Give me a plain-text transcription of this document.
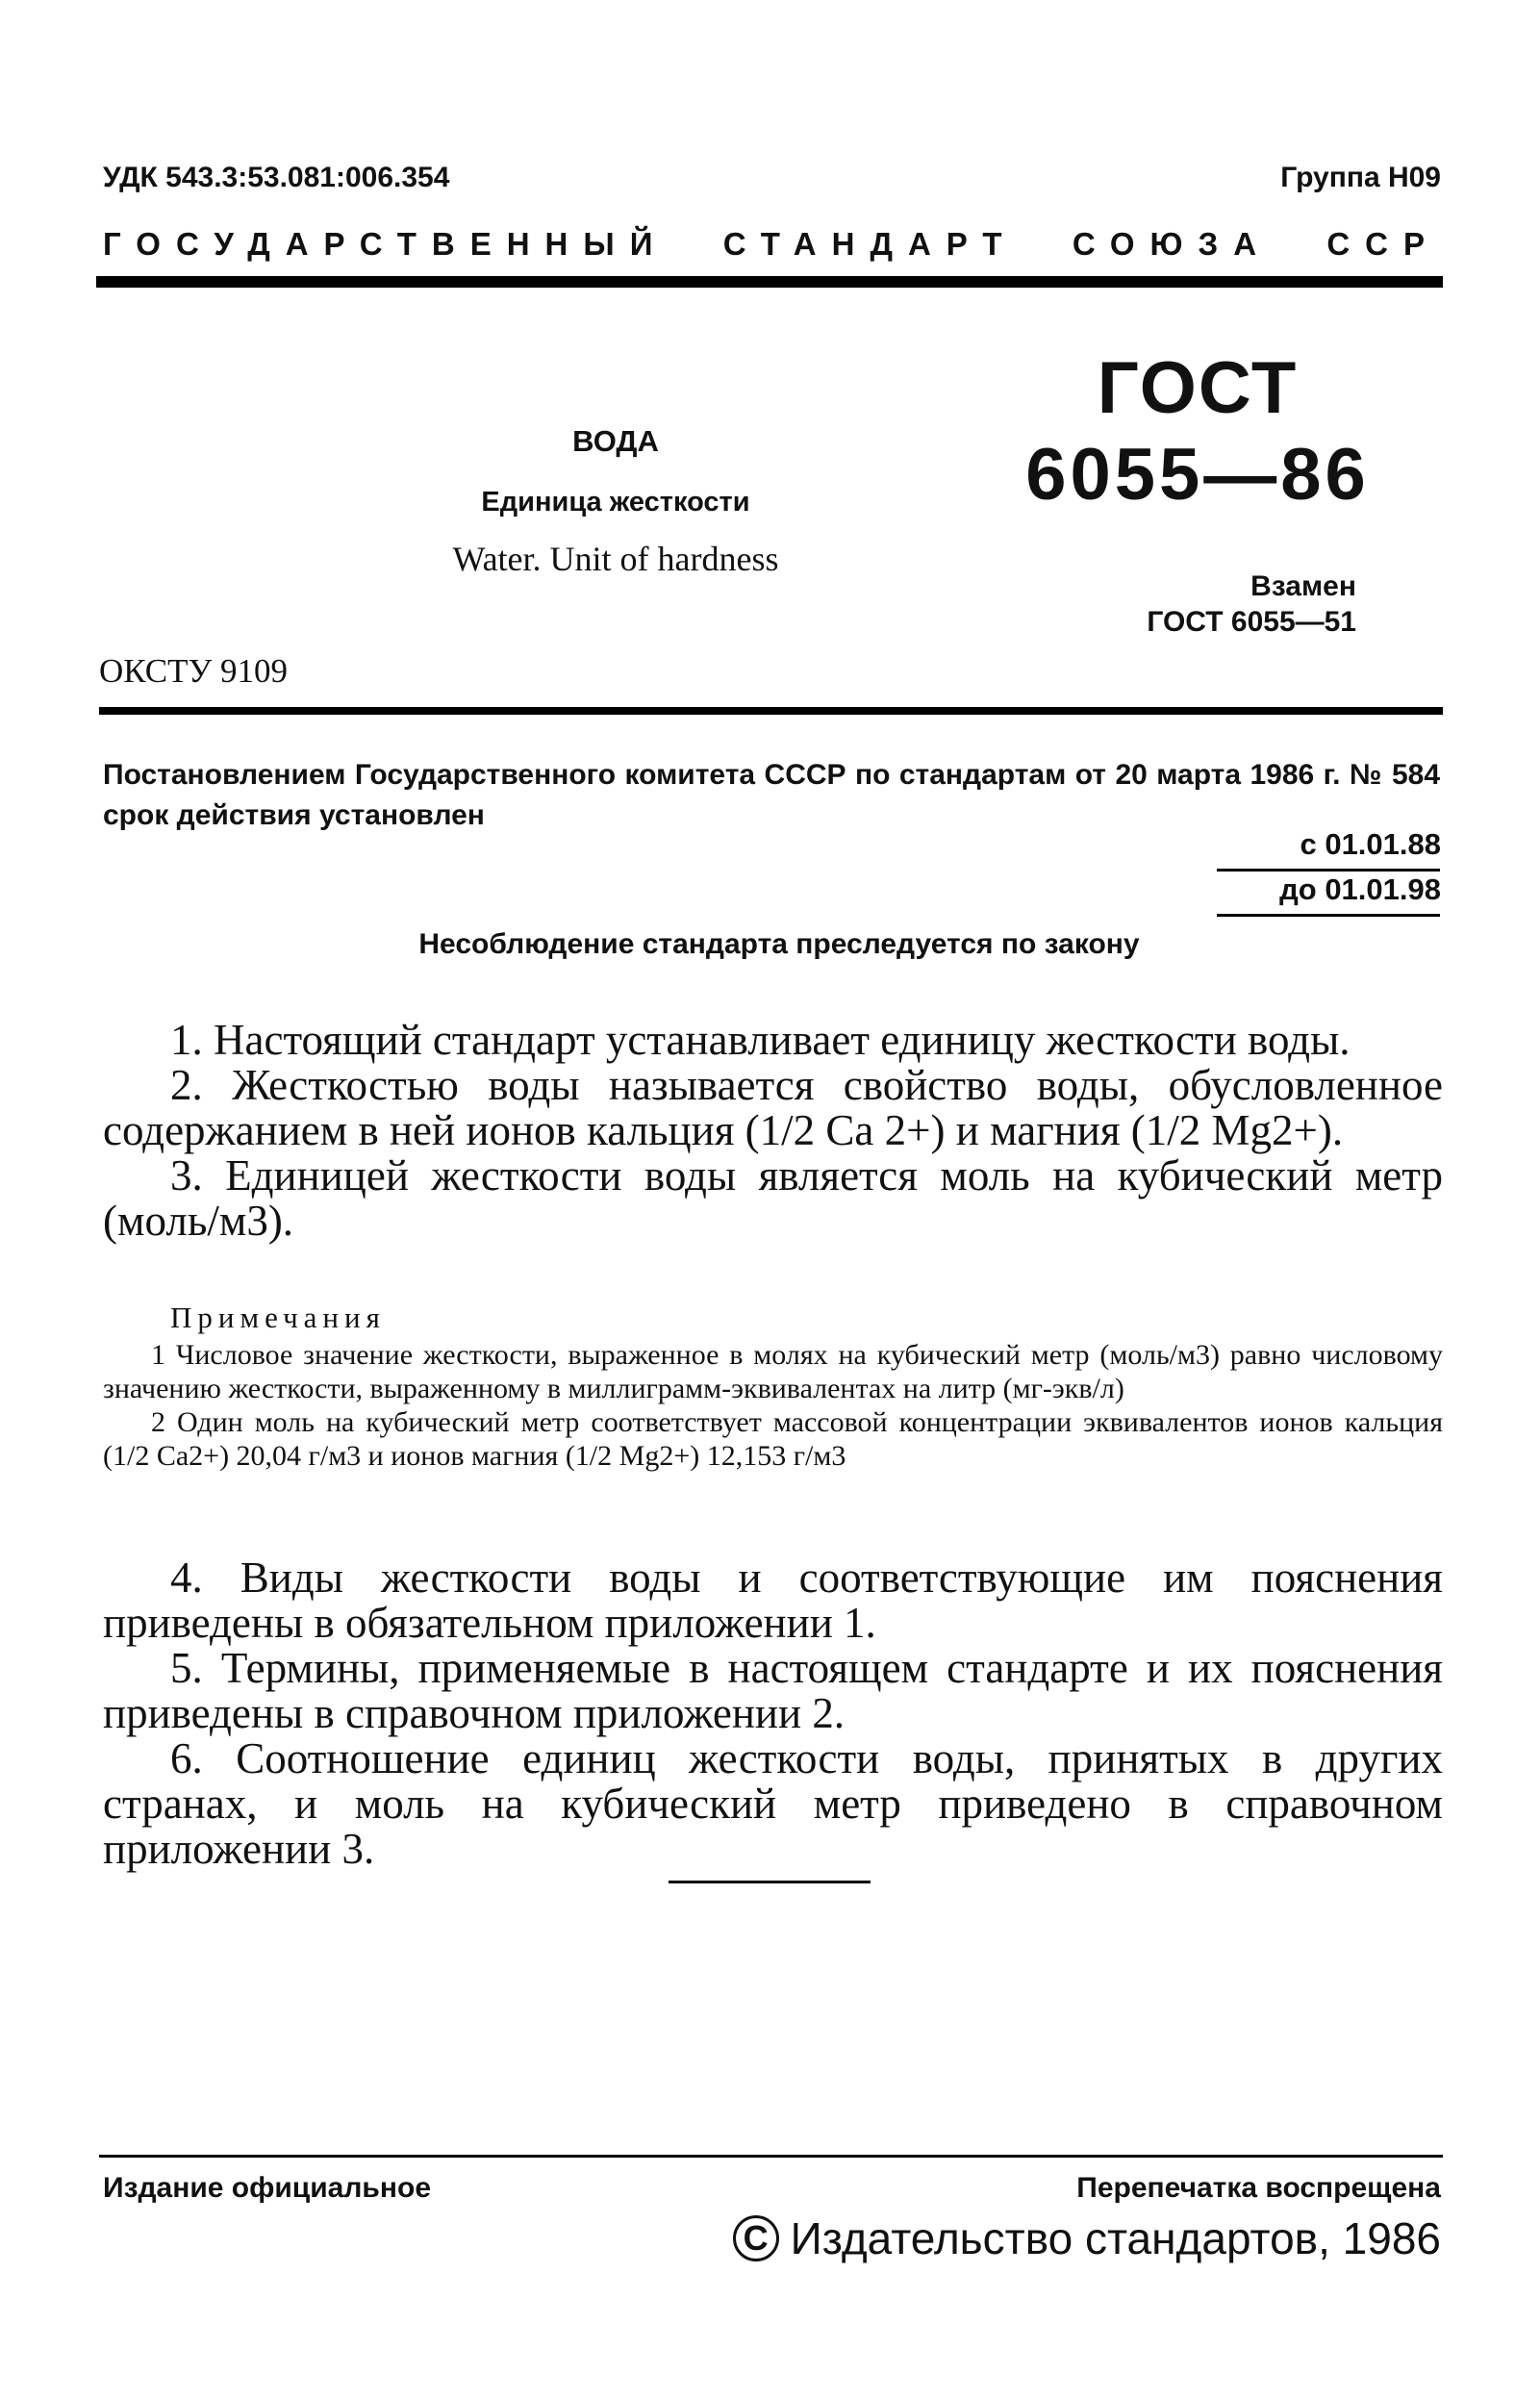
УДК 543.3:53.081:006.354	Группа Н09
ГОСУДАРСТВЕННЫЙ СТАНДАРТ СОЮЗА ССР
ВОДА
Единица жесткости
Water. Unit of hardness
ГОСТ
6055—86
Взамен
ГОСТ 6055—51
ОКСТУ 9109
Постановлением Государственного комитета СССР по стандартам от 20 марта 1986 г. № 584 срок действия установлен
с 01.01.88
до 01.01.98
Несоблюдение стандарта преследуется по закону

1. Настоящий стандарт устанавливает единицу жесткости воды.

2. Жесткостью воды называется свойство воды, обусловленное содержанием в ней ионов кальция (1/2 Ca 2+) и магния (1/2 Mg2+).

3. Единицей жесткости воды является моль на кубический метр (моль/м3).

Примечания

1 Числовое значение жесткости, выраженное в молях на кубический метр (моль/м3) равно числовому значению жесткости, выраженному в миллиграмм-эквивалентах на литр (мг-экв/л)

2 Один моль на кубический метр соответствует массовой концентрации эквивалентов ионов кальция (1/2 Ca2+) 20,04 г/м3 и ионов магния (1/2 Mg2+) 12,153 г/м3

4. Виды жесткости воды и соответствующие им пояснения приведены в обязательном приложении 1.

5. Термины, применяемые в настоящем стандарте и их пояснения приведены в справочном приложении 2.

6. Соотношение единиц жесткости воды, принятых в других странах, и моль на кубический метр приведено в справочном приложении 3.

Издание официальное	Перепечатка воспрещена
С Издательство стандартов, 1986
